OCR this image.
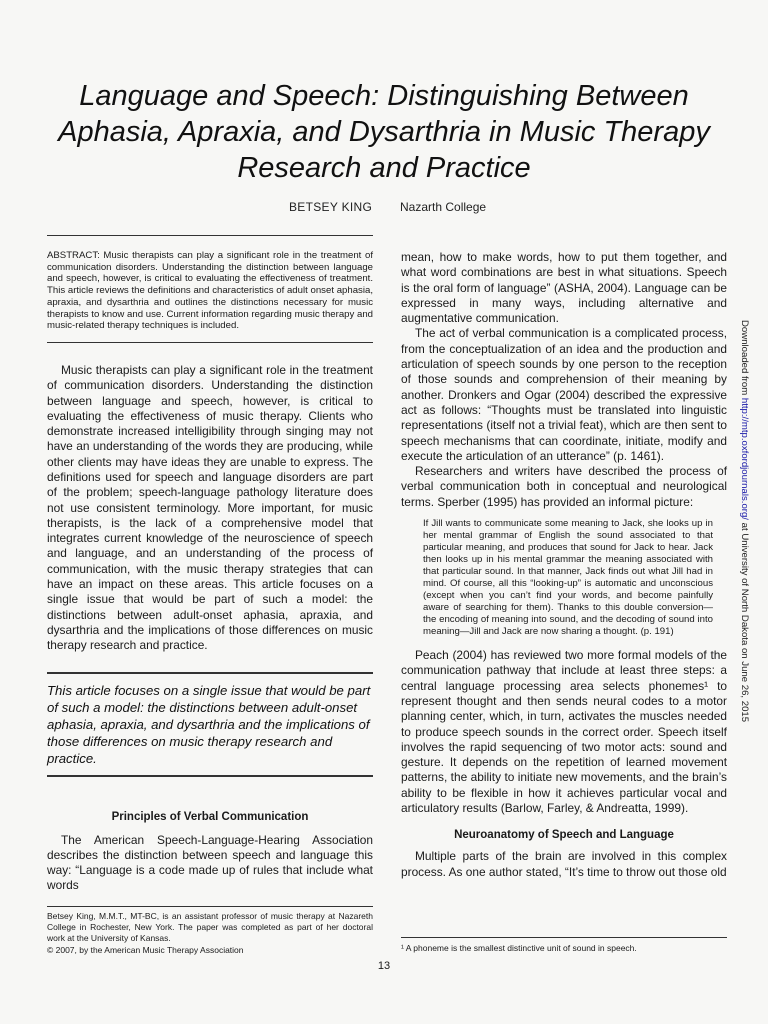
Language and Speech: Distinguishing Between
Aphasia, Apraxia, and Dysarthria in Music Therapy
Research and Practice
BETSEY KING Nazarth College
ABSTRACT: Music therapists can play a significant role in the treatment of communication disorders. Understanding the distinction between language and speech, however, is critical to evaluating the effectiveness of treatment. This article reviews the definitions and characteristics of adult onset aphasia, apraxia, and dysarthria and outlines the distinctions necessary for music therapists to know and use. Current information regarding music therapy and music-related therapy techniques is included.

Music therapists can play a significant role in the treatment of communication disorders. Understanding the distinction between language and speech, however, is critical to evaluating the effectiveness of music therapy. Clients who demonstrate increased intelligibility through singing may not have an understanding of the words they are producing, while other clients may have ideas they are unable to express. The definitions used for speech and language disorders are part of the problem; speech-language pathology literature does not use consistent terminology. More important, for music therapists, is the lack of a comprehensive model that integrates current knowledge of the neuroscience of speech and language, and an understanding of the process of communication, with the music therapy strategies that can have an impact on these areas. This article focuses on a single issue that would be part of such a model: the distinctions between adult-onset aphasia, apraxia, and dysarthria and the implications of those differences on music therapy research and practice.

This article focuses on a single issue that would be part of such a model: the distinctions between adult-onset aphasia, apraxia, and dysarthria and the implications of those differences on music therapy research and practice.
Principles of Verbal Communication

The American Speech-Language-Hearing Association describes the distinction between speech and language this way: “Language is a code made up of rules that include what words

mean, how to make words, how to put them together, and what word combinations are best in what situations. Speech is the oral form of language” (ASHA, 2004). Language can be expressed in many ways, including alternative and augmentative communication.

The act of verbal communication is a complicated process, from the conceptualization of an idea and the production and articulation of speech sounds by one person to the reception of those sounds and comprehension of their meaning by another. Dronkers and Ogar (2004) described the expressive act as follows: “Thoughts must be translated into linguistic representations (itself not a trivial feat), which are then sent to speech mechanisms that can coordinate, initiate, modify and execute the articulation of an utterance” (p. 1461).

Researchers and writers have described the process of verbal communication both in conceptual and neurological terms. Sperber (1995) has provided an informal picture:

If Jill wants to communicate some meaning to Jack, she looks up in her mental grammar of English the sound associated to that particular meaning, and produces that sound for Jack to hear. Jack then looks up in his mental grammar the meaning associated with that particular sound. In that manner, Jack finds out what Jill had in mind. Of course, all this “looking-up” is automatic and unconscious (except when you can’t find your words, and become painfully aware of searching for them). Thanks to this double conversion—the encoding of meaning into sound, and the decoding of sound into meaning—Jill and Jack are now sharing a thought. (p. 191)

Peach (2004) has reviewed two more formal models of the communication pathway that include at least three steps: a central language processing area selects phonemes¹ to represent thought and then sends neural codes to a motor planning center, which, in turn, activates the muscles needed to produce speech sounds in the correct order. Speech itself involves the rapid sequencing of two motor acts: sound and gesture. It depends on the repetition of learned movement patterns, the ability to initiate new movements, and the brain’s ability to be flexible in how it achieves particular vocal and articulatory results (Barlow, Farley, & Andreatta, 1999).

Neuroanatomy of Speech and Language

Multiple parts of the brain are involved in this complex process. As one author stated, “It’s time to throw out those old

Betsey King, M.M.T., MT-BC, is an assistant professor of music therapy at Nazareth College in Rochester, New York. The paper was completed as part of her doctoral work at the University of Kansas.
© 2007, by the American Music Therapy Association	¹ A phoneme is the smallest distinctive unit of sound in speech.
13
Downloaded from http://mtp.oxfordjournals.org/ at University of North Dakota on June 26, 2015
